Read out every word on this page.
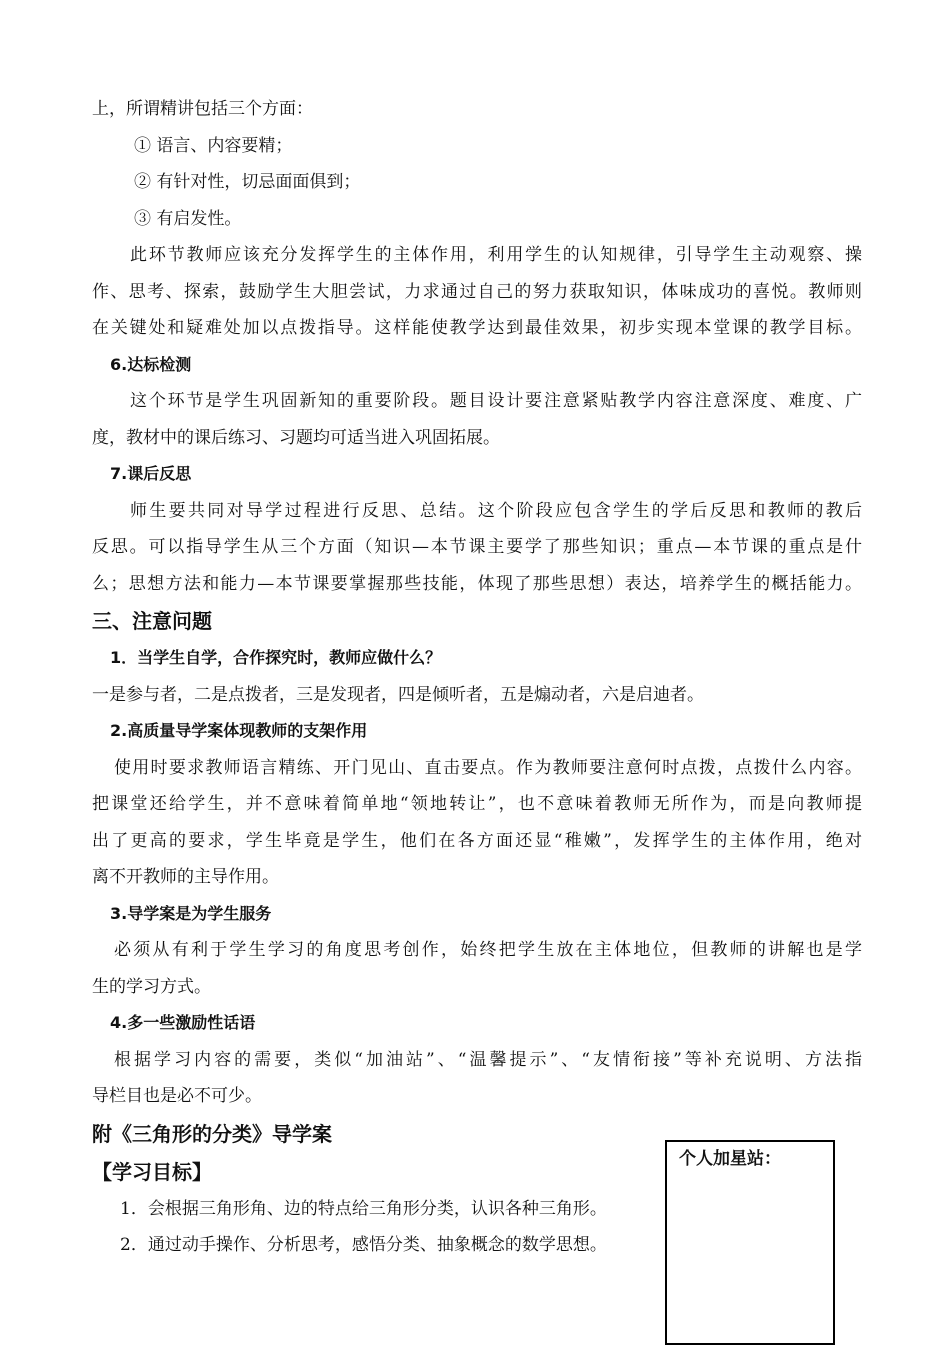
上，所谓精讲包括三个方面：
① 语言、内容要精；
② 有针对性，切忌面面俱到；
③ 有启发性。
此环节教师应该充分发挥学生的主体作用，利用学生的认知规律，引导学生主动观察、操
作、思考、探索，鼓励学生大胆尝试，力求通过自己的努力获取知识，体味成功的喜悦。教师则
在关键处和疑难处加以点拨指导。这样能使教学达到最佳效果，初步实现本堂课的教学目标。
6.达标检测
这个环节是学生巩固新知的重要阶段。题目设计要注意紧贴教学内容注意深度、难度、广
度，教材中的课后练习、习题均可适当进入巩固拓展。
7.课后反思
师生要共同对导学过程进行反思、总结。这个阶段应包含学生的学后反思和教师的教后
反思。可以指导学生从三个方面（知识—本节课主要学了那些知识；重点—本节课的重点是什
么；思想方法和能力—本节课要掌握那些技能，体现了那些思想）表达，培养学生的概括能力。
三、注意问题
1．当学生自学，合作探究时，教师应做什么？
一是参与者，二是点拨者，三是发现者，四是倾听者，五是煽动者，六是启迪者。
2.高质量导学案体现教师的支架作用
使用时要求教师语言精练、开门见山、直击要点。作为教师要注意何时点拨，点拨什么内容。
把课堂还给学生，并不意味着简单地“领地转让”，也不意味着教师无所作为，而是向教师提
出了更高的要求，学生毕竟是学生，他们在各方面还显“稚嫩”，发挥学生的主体作用，绝对
离不开教师的主导作用。
3.导学案是为学生服务
必须从有利于学生学习的角度思考创作，始终把学生放在主体地位，但教师的讲解也是学
生的学习方式。
4.多一些激励性话语
根据学习内容的需要，类似“加油站”、“温馨提示”、“友情衔接”等补充说明、方法指
导栏目也是必不可少。
附《三角形的分类》导学案
【学习目标】
1．会根据三角形角、边的特点给三角形分类，认识各种三角形。
2．通过动手操作、分析思考，感悟分类、抽象概念的数学思想。
个人加星站：
